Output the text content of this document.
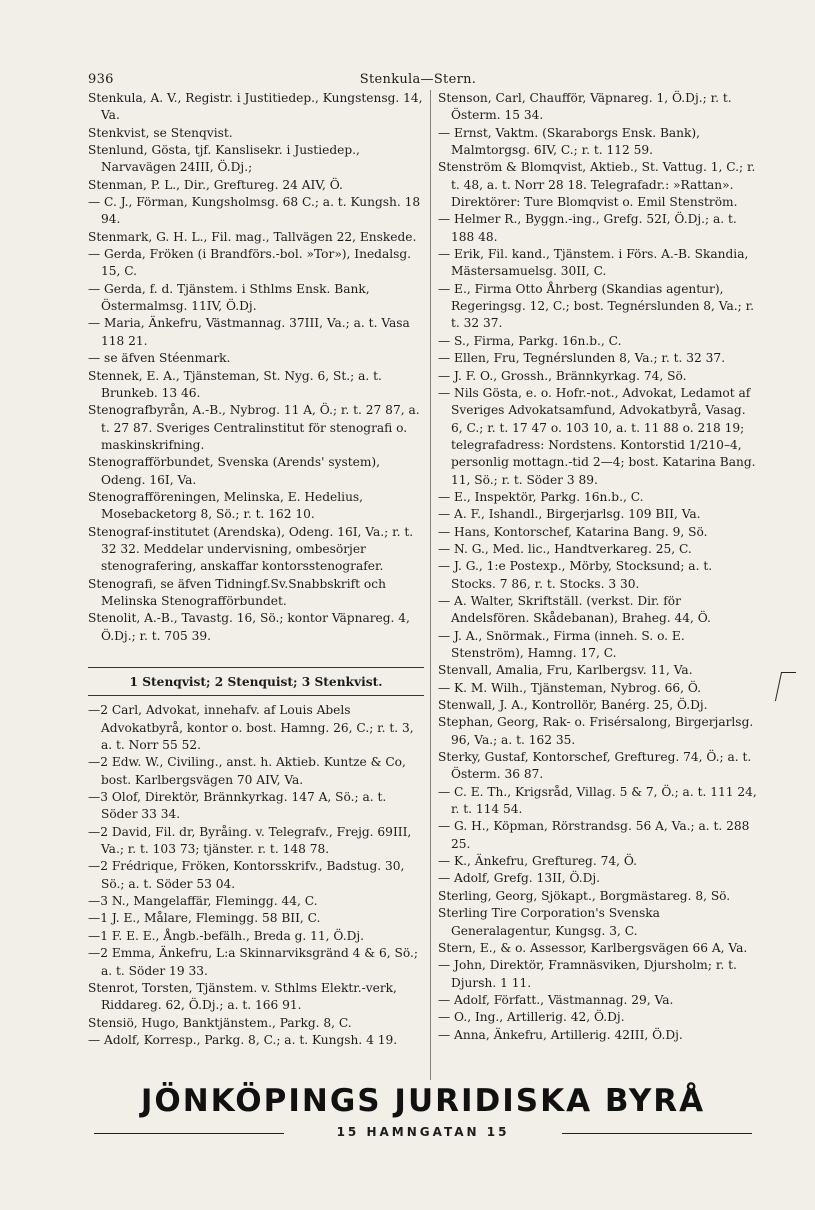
936	Stenkula—Stern.
Stenkula, A. V., Registr. i Justitiedep., Kungstensg. 14, Va.
Stenkvist, se Stenqvist.
Stenlund, Gösta, tjf. Kanslisekr. i Justiedep., Narvavägen 24III, Ö.Dj.;
Stenman, P. L., Dir., Greftureg. 24 AIV, Ö.
— C. J., Förman, Kungsholmsg. 68 C.; a. t. Kungsh. 18 94.
Stenmark, G. H. L., Fil. mag., Tallvägen 22, Enskede.
— Gerda, Fröken (i Brandförs.-bol. »Tor»), Inedalsg. 15, C.
— Gerda, f. d. Tjänstem. i Sthlms Ensk. Bank, Östermalmsg. 11IV, Ö.Dj.
— Maria, Änkefru, Västmannag. 37III, Va.; a. t. Vasa 118 21.
— se äfven Stéenmark.
Stennek, E. A., Tjänsteman, St. Nyg. 6, St.; a. t. Brunkeb. 13 46.
Stenografbyrån, A.-B., Nybrog. 11 A, Ö.; r. t. 27 87, a. t. 27 87. Sveriges Centralinstitut för stenografi o. maskinskrifning.
Stenografförbundet, Svenska (Arends' system), Odeng. 16I, Va.
Stenografföreningen, Melinska, E. Hedelius, Mosebacketorg 8, Sö.; r. t. 162 10.
Stenograf-institutet (Arendska), Odeng. 16I, Va.; r. t. 32 32. Meddelar undervisning, ombesörjer stenografering, anskaffar kontorsstenografer.
Stenografi, se äfven Tidningf.Sv.Snabbskrift och Melinska Stenografförbundet.
Stenolit, A.-B., Tavastg. 16, Sö.; kontor Väpnareg. 4, Ö.Dj.; r. t. 705 39.
1 Stenqvist; 2 Stenquist; 3 Stenkvist.
—2 Carl, Advokat, innehafv. af Louis Abels Advokatbyrå, kontor o. bost. Hamng. 26, C.; r. t. 3, a. t. Norr 55 52.
—2 Edw. W., Civiling., anst. h. Aktieb. Kuntze & Co, bost. Karlbergsvägen 70 AIV, Va.
—3 Olof, Direktör, Brännkyrkag. 147 A, Sö.; a. t. Söder 33 34.
—2 David, Fil. dr, Byråing. v. Telegrafv., Frejg. 69III, Va.; r. t. 103 73; tjänster. r. t. 148 78.
—2 Frédrique, Fröken, Kontorsskrifv., Badstug. 30, Sö.; a. t. Söder 53 04.
—3 N., Mangelaffär, Flemingg. 44, C.
—1 J. E., Målare, Flemingg. 58 BII, C.
—1 F. E. E., Ångb.-befälh., Breda g. 11, Ö.Dj.
—2 Emma, Änkefru, L:a Skinnarviksgränd 4 & 6, Sö.; a. t. Söder 19 33.
Stenrot, Torsten, Tjänstem. v. Sthlms Elektr.-verk, Riddareg. 62, Ö.Dj.; a. t. 166 91.
Stensiö, Hugo, Banktjänstem., Parkg. 8, C.
— Adolf, Korresp., Parkg. 8, C.; a. t. Kungsh. 4 19.
Stenson, Carl, Chaufför, Väpnareg. 1, Ö.Dj.; r. t. Österm. 15 34.
— Ernst, Vaktm. (Skaraborgs Ensk. Bank), Malmtorgsg. 6IV, C.; r. t. 112 59.
Stenström & Blomqvist, Aktieb., St. Vattug. 1, C.; r. t. 48, a. t. Norr 28 18. Telegrafadr.: »Rattan». Direktörer: Ture Blomqvist o. Emil Stenström.
— Helmer R., Byggn.-ing., Grefg. 52I, Ö.Dj.; a. t. 188 48.
— Erik, Fil. kand., Tjänstem. i Förs. A.-B. Skandia, Mästersamuelsg. 30II, C.
— E., Firma Otto Åhrberg (Skandias agentur), Regeringsg. 12, C.; bost. Tegnérslunden 8, Va.; r. t. 32 37.
— S., Firma, Parkg. 16n.b., C.
— Ellen, Fru, Tegnérslunden 8, Va.; r. t. 32 37.
— J. F. O., Grossh., Brännkyrkag. 74, Sö.
— Nils Gösta, e. o. Hofr.-not., Advokat, Ledamot af Sveriges Advokatsamfund, Advokatbyrå, Vasag. 6, C.; r. t. 17 47 o. 103 10, a. t. 11 88 o. 218 19; telegrafadress: Nordstens. Kontorstid 1/210–4, personlig mottagn.-tid 2—4; bost. Katarina Bang. 11, Sö.; r. t. Söder 3 89.
— E., Inspektör, Parkg. 16n.b., C.
— A. F., Ishandl., Birgerjarlsg. 109 BII, Va.
— Hans, Kontorschef, Katarina Bang. 9, Sö.
— N. G., Med. lic., Handtverkareg. 25, C.
— J. G., 1:e Postexp., Mörby, Stocksund; a. t. Stocks. 7 86, r. t. Stocks. 3 30.
— A. Walter, Skriftställ. (verkst. Dir. för Andelsfören. Skådebanan), Braheg. 44, Ö.
— J. A., Snörmak., Firma (inneh. S. o. E. Stenström), Hamng. 17, C.
Stenvall, Amalia, Fru, Karlbergsv. 11, Va.
— K. M. Wilh., Tjänsteman, Nybrog. 66, Ö.
Stenwall, J. A., Kontrollör, Banérg. 25, Ö.Dj.
Stephan, Georg, Rak- o. Frisérsalong, Birgerjarlsg. 96, Va.; a. t. 162 35.
Sterky, Gustaf, Kontorschef, Greftureg. 74, Ö.; a. t. Österm. 36 87.
— C. E. Th., Krigsråd, Villag. 5 & 7, Ö.; a. t. 111 24, r. t. 114 54.
— G. H., Köpman, Rörstrandsg. 56 A, Va.; a. t. 288 25.
— K., Änkefru, Greftureg. 74, Ö.
— Adolf, Grefg. 13II, Ö.Dj.
Sterling, Georg, Sjökapt., Borgmästareg. 8, Sö.
Sterling Tire Corporation's Svenska Generalagentur, Kungsg. 3, C.
Stern, E., & o. Assessor, Karlbergsvägen 66 A, Va.
— John, Direktör, Framnäsviken, Djursholm; r. t. Djursh. 1 11.
— Adolf, Författ., Västmannag. 29, Va.
— O., Ing., Artillerig. 42, Ö.Dj.
— Anna, Änkefru, Artillerig. 42III, Ö.Dj.
JÖNKÖPINGS JURIDISKA BYRÅ
15 HAMNGATAN 15
